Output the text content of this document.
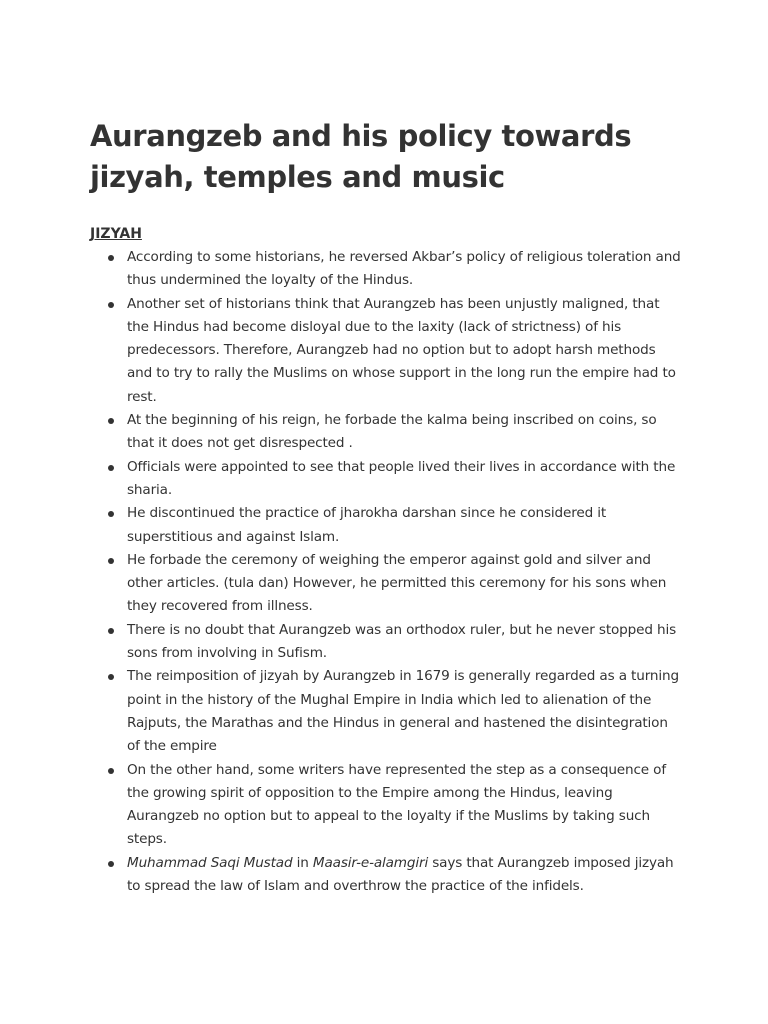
Aurangzeb and his policy towards jizyah, temples and music
JIZYAH
According to some historians, he reversed Akbar’s policy of religious toleration and thus undermined the loyalty of the Hindus.
Another set of historians think that Aurangzeb has been unjustly maligned, that the Hindus had become disloyal due to the laxity (lack of strictness) of his predecessors. Therefore, Aurangzeb had no option but to adopt harsh methods and to try to rally the Muslims on whose support in the long run the empire had to rest.
At the beginning of his reign, he forbade the kalma being inscribed on coins, so that it does not get disrespected .
Officials were appointed to see that people lived their lives in accordance with the sharia.
He discontinued the practice of jharokha darshan since he considered it superstitious and against Islam.
He forbade the ceremony of weighing the emperor against gold and silver and other articles. (tula dan) However, he permitted this ceremony for his sons when they recovered from illness.
There is no doubt that Aurangzeb was an orthodox ruler, but he never stopped his sons from involving in Sufism.
The reimposition of jizyah by Aurangzeb in 1679 is generally regarded as a turning point in the history of the Mughal Empire in India which led to alienation of the Rajputs, the Marathas and the Hindus in general and hastened the disintegration of the empire
On the other hand, some writers have represented the step as a consequence of the growing spirit of opposition to the Empire among the Hindus, leaving Aurangzeb no option but to appeal to the loyalty if the Muslims by taking such steps.
Muhammad Saqi Mustad in Maasir-e-alamgiri says that Aurangzeb imposed jizyah to spread the law of Islam and overthrow the practice of the infidels.
